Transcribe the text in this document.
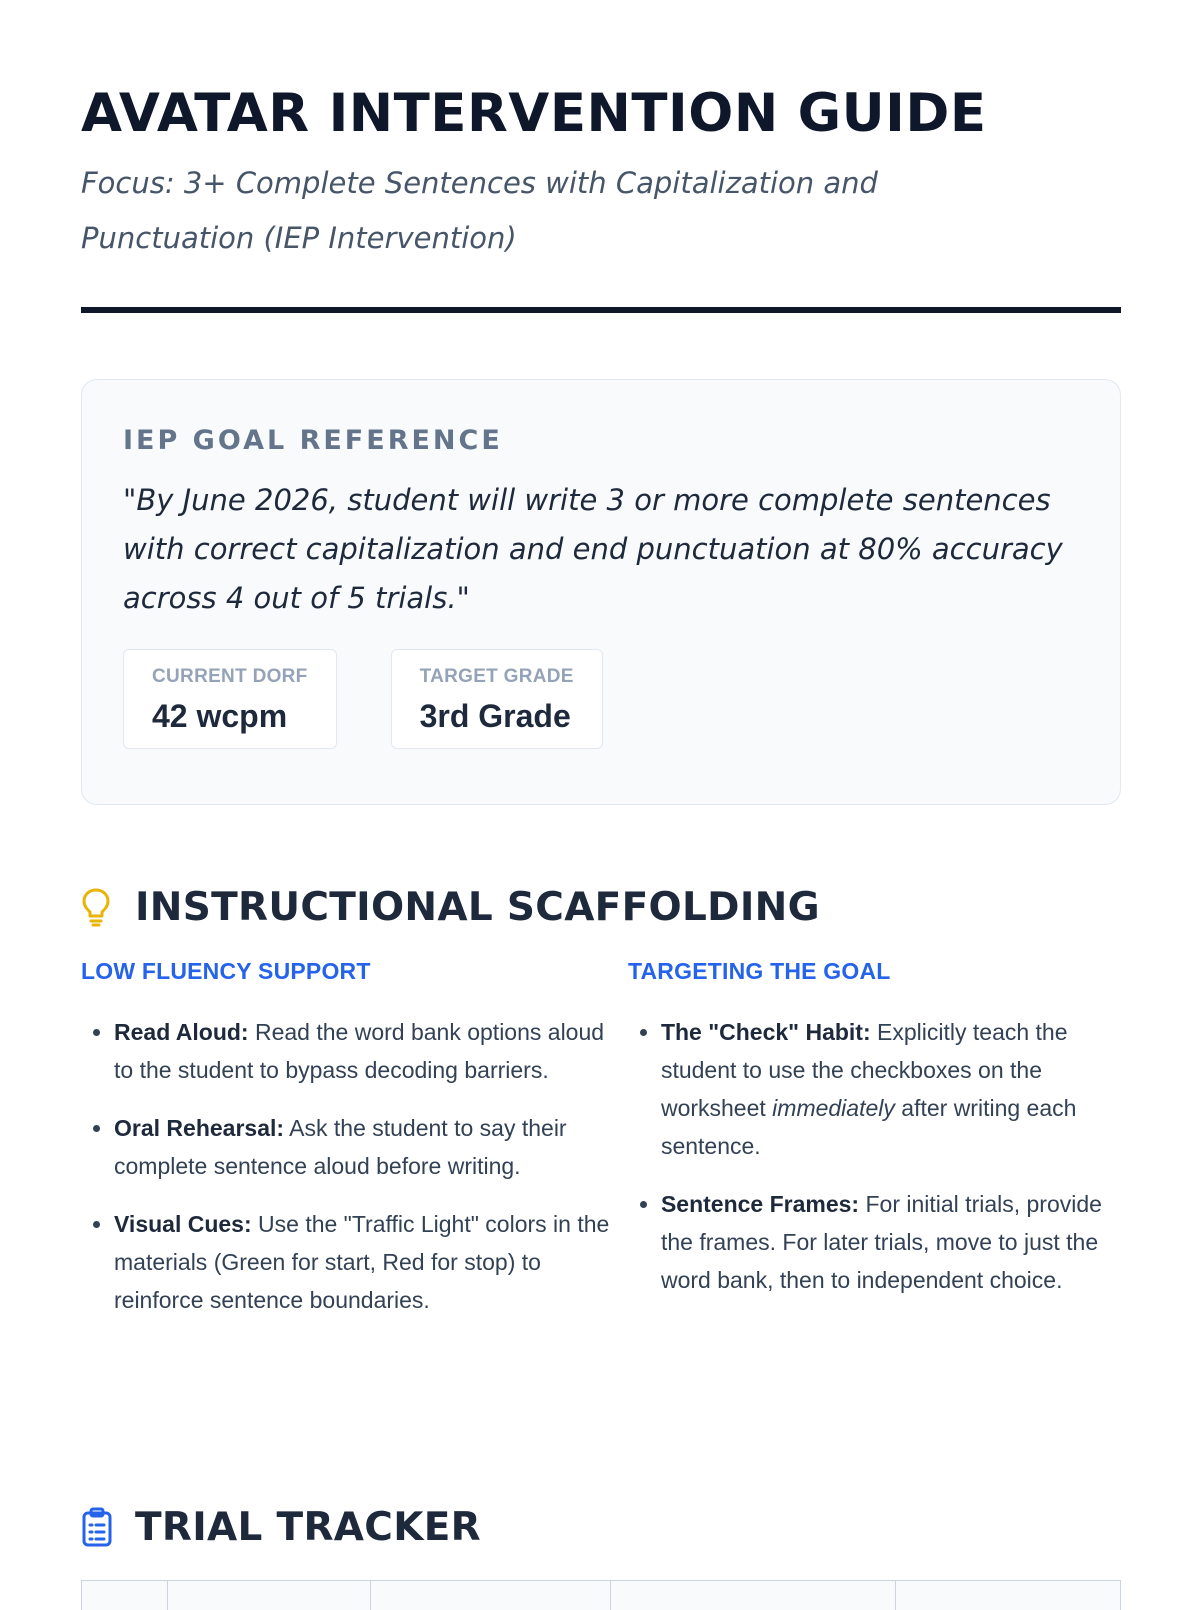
AVATAR INTERVENTION GUIDE
Focus: 3+ Complete Sentences with Capitalization and Punctuation (IEP Intervention)
IEP GOAL REFERENCE
"By June 2026, student will write 3 or more complete sentences with correct capitalization and end punctuation at 80% accuracy across 4 out of 5 trials."
CURRENT DORF
42 wcpm
TARGET GRADE
3rd Grade
INSTRUCTIONAL SCAFFOLDING
LOW FLUENCY SUPPORT
• Read Aloud: Read the word bank options aloud to the student to bypass decoding barriers.
• Oral Rehearsal: Ask the student to say their complete sentence aloud before writing.
• Visual Cues: Use the "Traffic Light" colors in the materials (Green for start, Red for stop) to reinforce sentence boundaries.
TARGETING THE GOAL
• The "Check" Habit: Explicitly teach the student to use the checkboxes on the worksheet immediately after writing each sentence.
• Sentence Frames: For initial trials, provide the frames. For later trials, move to just the word bank, then to independent choice.
TRIAL TRACKER
